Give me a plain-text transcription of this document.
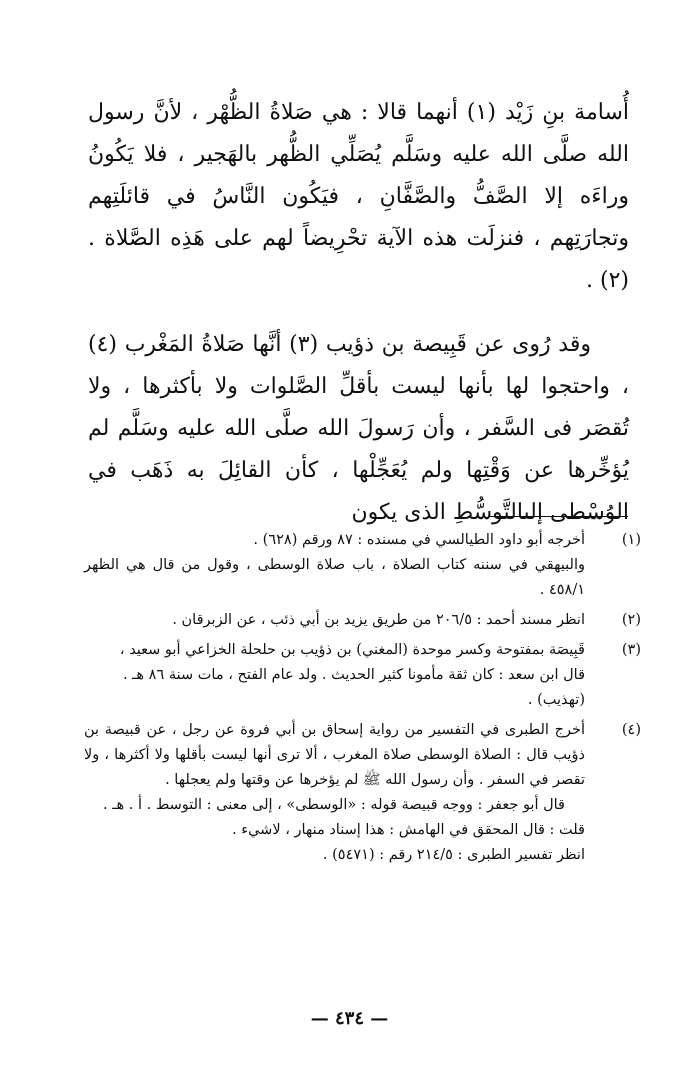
أُسامة بنِ زَيْد (١) أنهما قالا : هي صَلاةُ الظُّهْر ، لأنَّ رسول الله صلَّى الله عليه وسَلَّم يُصَلِّي الظُّهر بالهَجير ، فلا يَكُونُ وراءَه إلا الصَّفُّ والصَّفَّانِ ، فيَكُون النَّاسُ في قائلَتِهم وتجارَتِهم ، فنزلَت هذه الآية تحْرِيضاً لهم على هَذِه الصَّلاة . (٢) .

وقد رُوى عن قَبِيصة بن ذؤيب (٣) أنَّها صَلاةُ المَغْرب (٤) ، واحتجوا لها بأنها ليست بأقلِّ الصَّلوات ولا بأكثرها ، ولا تُقصَر فى السَّفر ، وأن رَسولَ الله صلَّى الله عليه وسَلَّم لم يُؤخِّرها عن وَقْتِها ولم يُعَجِّلْها ، كأن القائِلَ به ذَهَب في الوُسْطى إلىالتَّوسُّطِ الذى يكون

(١)
أخرجه أبو داود الطيالسي في مسنده : ٨٧ ورقم (٦٢٨) .
والبيهقي في سننه كتاب الصلاة ، باب صلاة الوسطى ، وقول من قال هي الظهر ٤٥٨/١ .
(٢)
انظر مسند أحمد : ٢٠٦/٥ من طريق يزيد بن أبي ذئب ، عن الزبرقان .
(٣)
قَبِيصَة بمفتوحة وكسر موحدة (المغني) بن ذؤيب بن حلحلة الخزاعي أبو سعيد ،
قال ابن سعد : كان ثقة مأمونا كثير الحديث . ولد عام الفتح ، مات سنة ٨٦ هـ .
(تهذيب) .
(٤)
أخرج الطبرى في التفسير من رواية إسحاق بن أبي فروة عن رجل ، عن قبيصة بن ذؤيب قال : الصلاة الوسطى صلاة المغرب ، ألا ترى أنها ليست بأقلها ولا أكثرها ، ولا تقصر في السفر . وأن رسول الله ﷺ لم يؤخرها عن وقتها ولم يعجلها .
قال أبو جعفر : ووجه قبيصة قوله : «الوسطى» ، إلى معنى : التوسط . أ . هـ .
قلت : قال المحقق في الهامش : هذا إسناد منهار ، لاشيء .
انظر تفسير الطبرى : ٢١٤/٥ رقم : (٥٤٧١) .
— ٤٣٤ —
